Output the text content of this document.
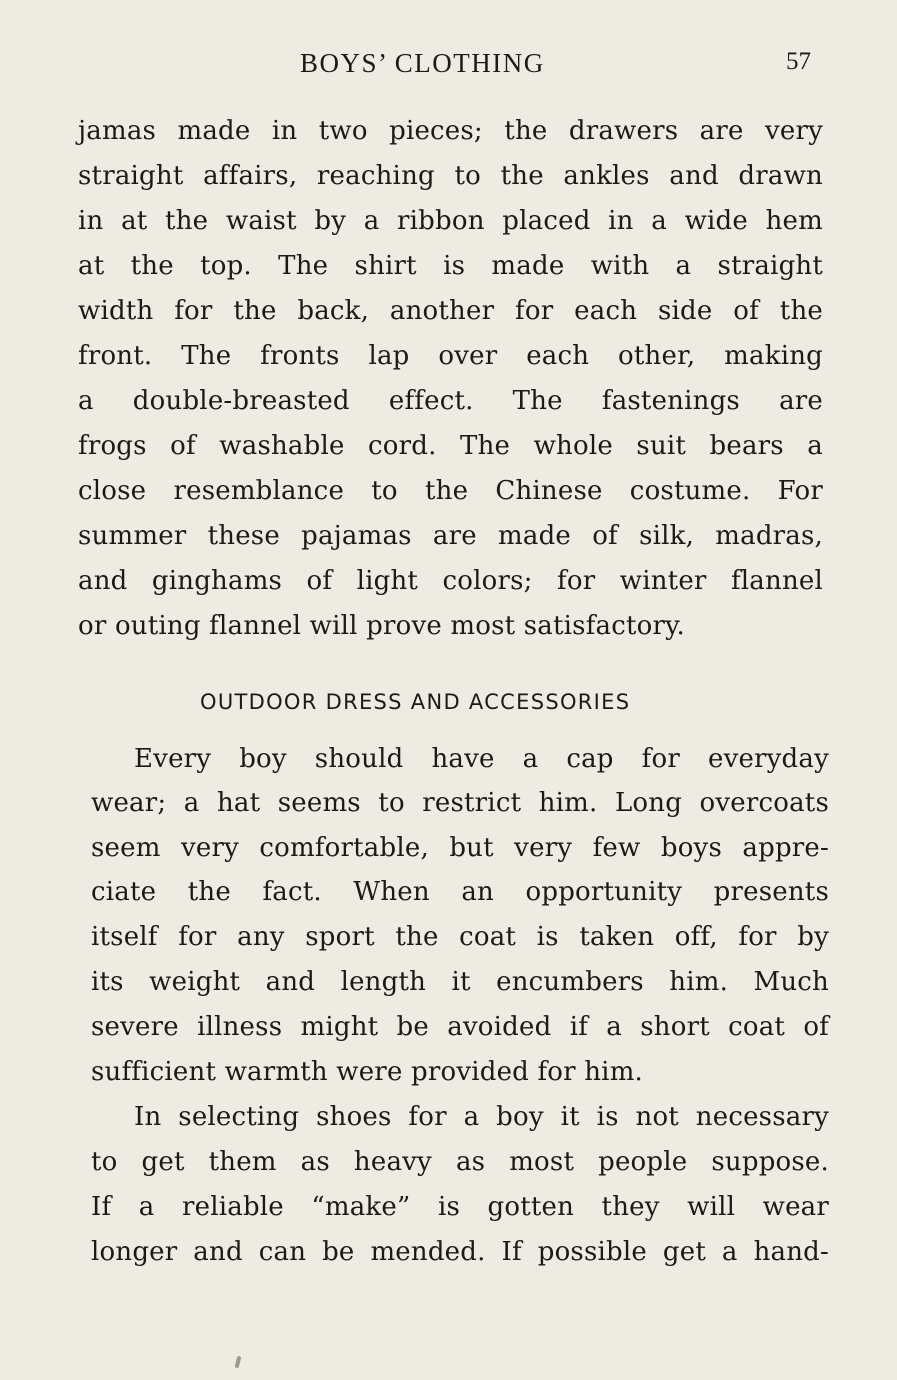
BOYS’ CLOTHING	57
jamas made in two pieces; the drawers are very
straight affairs, reaching to the ankles and drawn
in at the waist by a ribbon placed in a wide hem
at the top. The shirt is made with a straight
width for the back, another for each side of the
front. The fronts lap over each other, making
a double-breasted effect. The fastenings are
frogs of washable cord. The whole suit bears a
close resemblance to the Chinese costume. For
summer these pajamas are made of silk, madras,
and ginghams of light colors; for winter flannel
or outing flannel will prove most satisfactory.
OUTDOOR DRESS AND ACCESSORIES
Every boy should have a cap for everyday
wear; a hat seems to restrict him. Long overcoats
seem very comfortable, but very few boys appre-
ciate the fact. When an opportunity presents
itself for any sport the coat is taken off, for by
its weight and length it encumbers him. Much
severe illness might be avoided if a short coat of
sufficient warmth were provided for him.
In selecting shoes for a boy it is not necessary
to get them as heavy as most people suppose.
If a reliable “make” is gotten they will wear
longer and can be mended. If possible get a hand-
